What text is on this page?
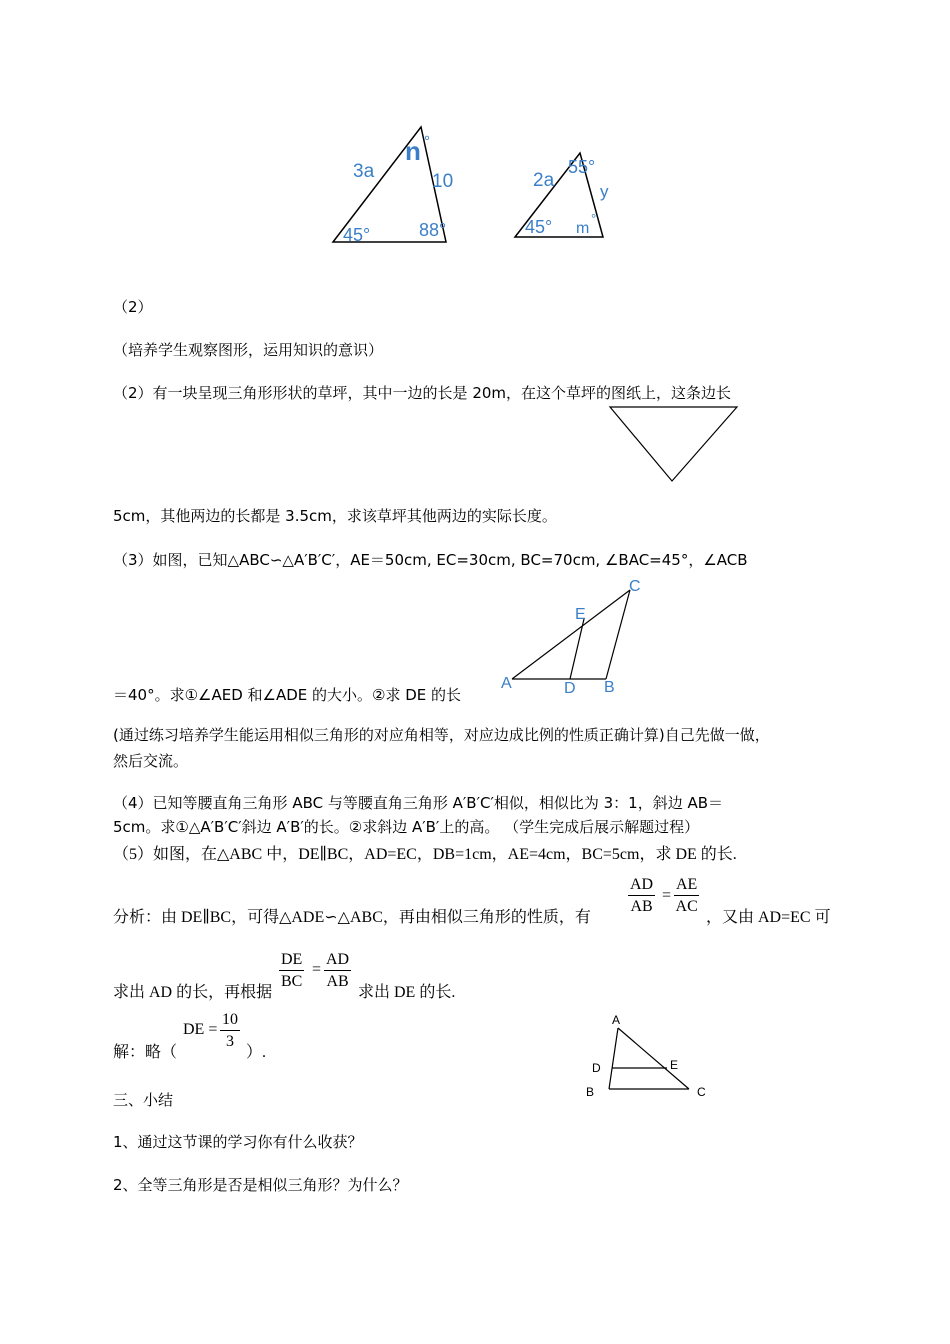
3a
n °
10
45°	88°
2a
55°
y
45° m
°
（2）
（培养学生观察图形，运用知识的意识）
（2）有一块呈现三角形形状的草坪，其中一边的长是 20m，在这个草坪的图纸上，这条边长
5cm，其他两边的长都是 3.5cm，求该草坪其他两边的实际长度。
（3）如图，已知△ABC∽△A′B′C′，AE＝50cm, EC=30cm, BC=70cm, ∠BAC=45°，∠ACB
A	D B
E
C
＝40°。求①∠AED 和∠ADE 的大小。②求 DE 的长
(通过练习培养学生能运用相似三角形的对应角相等，对应边成比例的性质正确计算)自己先做一做，
然后交流。
（4）已知等腰直角三角形 ABC 与等腰直角三角形 A′B′C′相似，相似比为 3：1，斜边 AB＝
5cm。求①△A′B′C′斜边 A′B′的长。②求斜边 A′B′上的高。 （学生完成后展示解题过程）
（5）如图，在△ABC 中，DE∥BC，AD=EC，DB=1cm，AE=4cm，BC=5cm，求 DE 的长.
分析：由 DE∥BC，可得△ADE∽△ABC，再由相似三角形的性质，有
$\frac{AD}{AB} = \frac{AE}{AC}$
，又由 AD=EC 可
求出 AD 的长，再根据
$\frac{DE}{BC} = \frac{AD}{AB}$
求出 DE 的长.
解：略（
DE = $\frac{10}{3}$
）.
A
D	E
B	C
三、小结
1、通过这节课的学习你有什么收获？
2、全等三角形是否是相似三角形？为什么？
